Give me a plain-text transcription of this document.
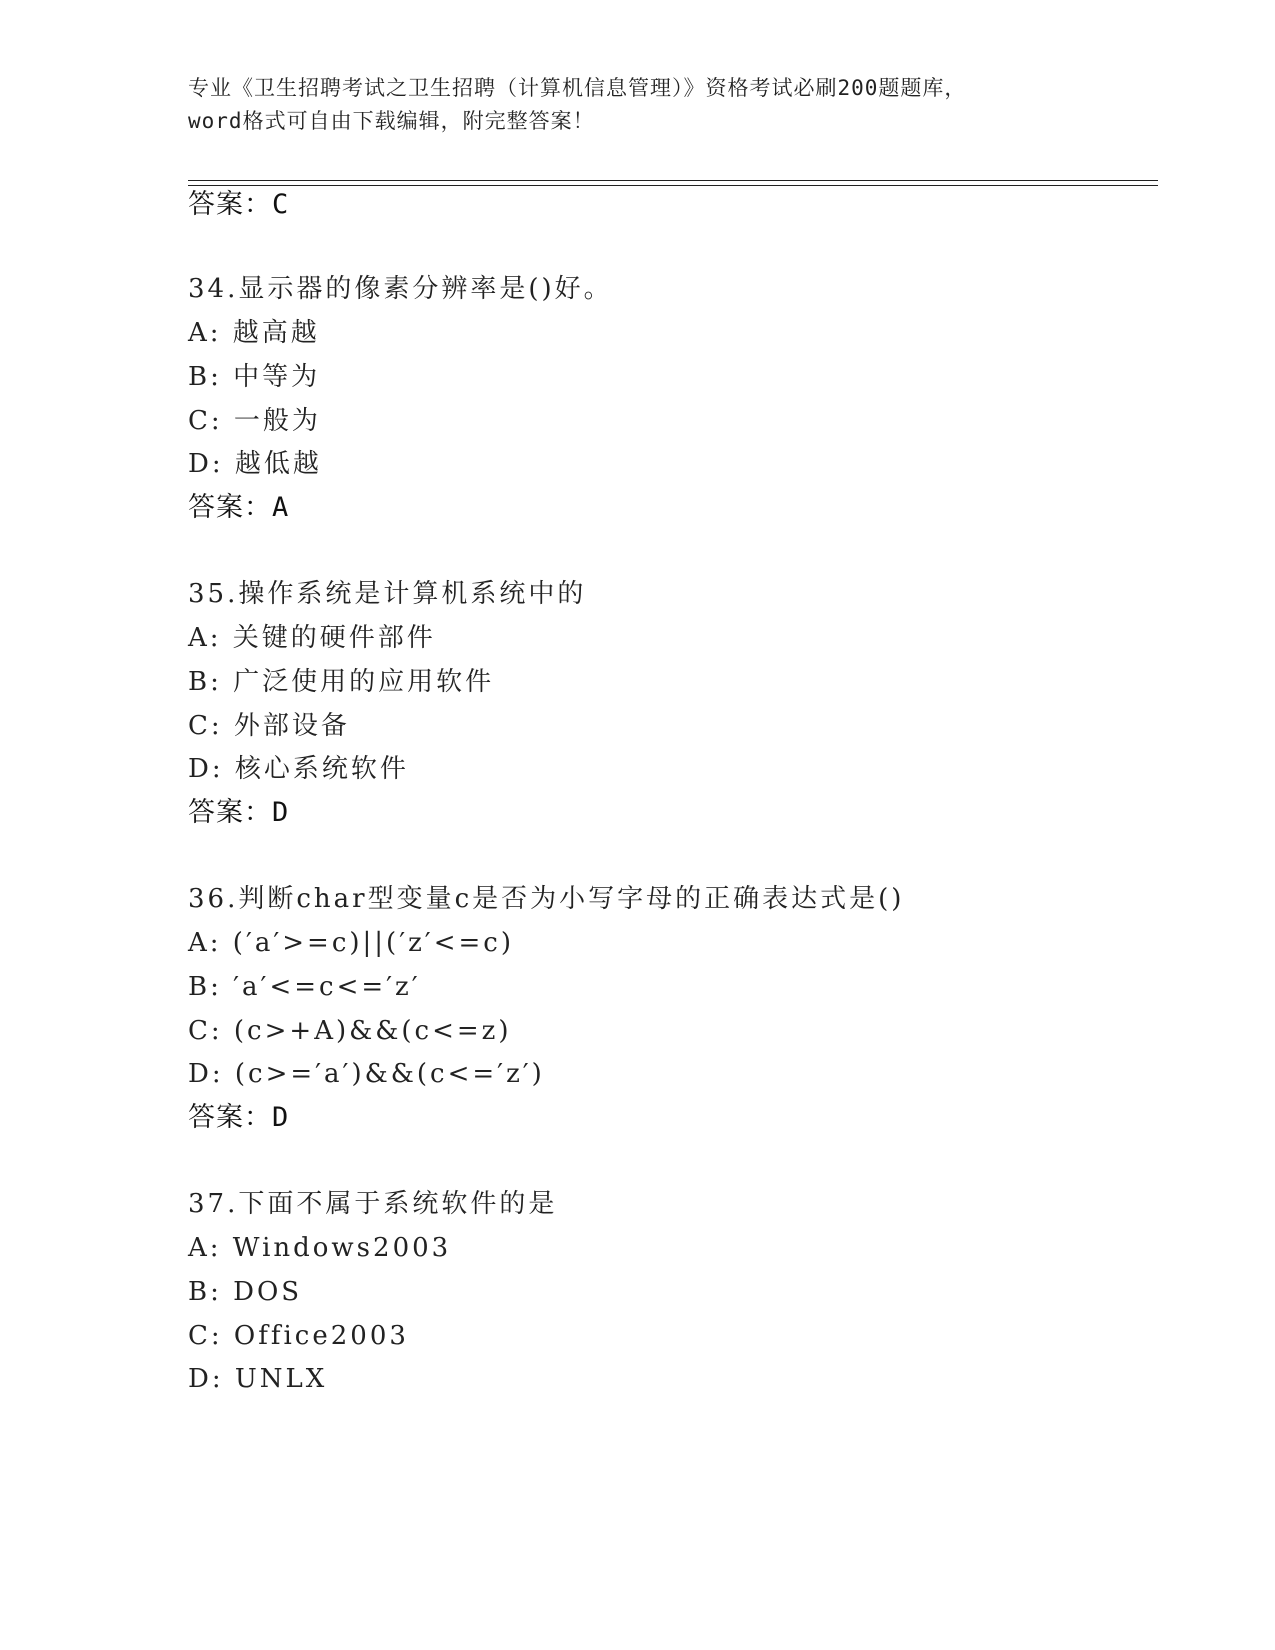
专业《卫生招聘考试之卫生招聘（计算机信息管理）》资格考试必刷200题题库，
word格式可自由下载编辑，附完整答案！
答案：C
34.显示器的像素分辨率是()好。
A: 越高越
B: 中等为
C: 一般为
D: 越低越
答案：A
35.操作系统是计算机系统中的
A: 关键的硬件部件
B: 广泛使用的应用软件
C: 外部设备
D: 核心系统软件
答案：D
36.判断char型变量c是否为小写字母的正确表达式是()
A: (′a′>=c)||(′z′<=c)
B: ′a′<=c<=′z′
C: (c>+A)&&(c<=z)
D: (c>=′a′)&&(c<=′z′)
答案：D
37.下面不属于系统软件的是
A: Windows2003
B: DOS
C: Office2003
D: UNLX
